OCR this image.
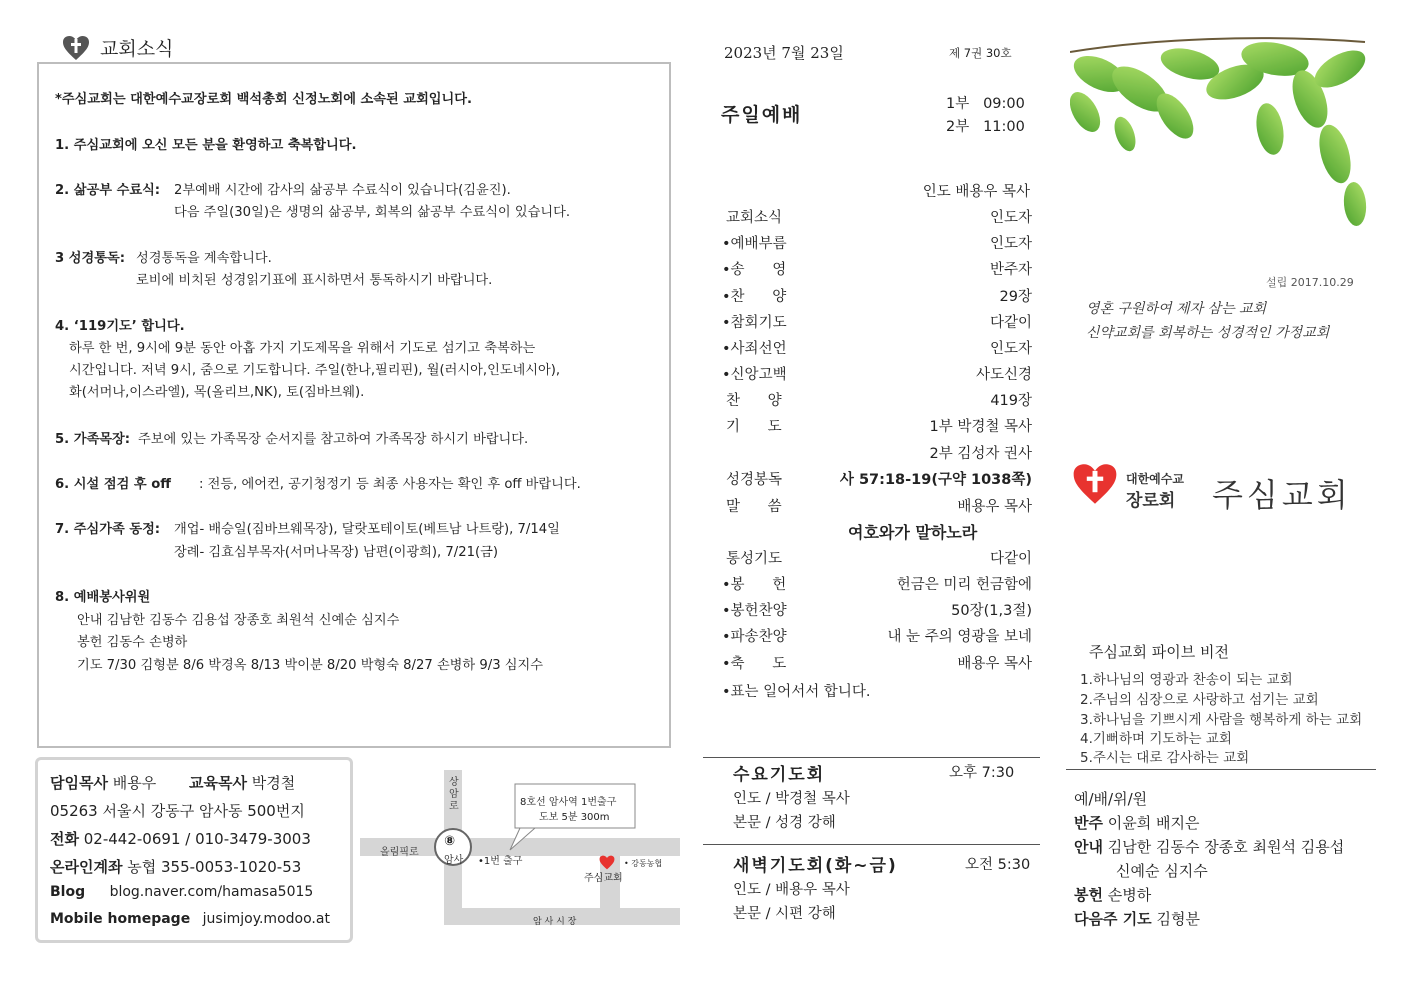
교회소식
*주심교회는 대한예수교장로회 백석총회 신정노회에 소속된 교회입니다.
1. 주심교회에 오신 모든 분을 환영하고 축복합니다.
2. 삶공부 수료식: 2부예배 시간에 감사의 삶공부 수료식이 있습니다(김윤진).
다음 주일(30일)은 생명의 삶공부, 회복의 삶공부 수료식이 있습니다.
3 성경통독: 성경통독을 계속합니다.
로비에 비치된 성경읽기표에 표시하면서 통독하시기 바랍니다.
4. ‘119기도’ 합니다.
하루 한 번, 9시에 9분 동안 아홉 가지 기도제목을 위해서 기도로 섬기고 축복하는
시간입니다. 저녁 9시, 줌으로 기도합니다. 주일(한나,필리핀), 월(러시아,인도네시아),
화(서머나,이스라엘), 목(올리브,NK), 토(짐바브웨).
5. 가족목장: 주보에 있는 가족목장 순서지를 참고하여 가족목장 하시기 바랍니다.
6. 시설 점검 후 off : 전등, 에어컨, 공기청정기 등 최종 사용자는 확인 후 off 바랍니다.
7. 주심가족 동정: 개업- 배승일(짐바브웨목장), 달랏포테이토(베트남 나트랑), 7/14일
장례- 김효심부목자(서머나목장) 남편(이광희), 7/21(금)
8. 예배봉사위원
안내 김남한 김동수 김용섭 장종호 최원석 신예순 심지수
봉헌 김동수 손병하
기도 7/30 김형분 8/6 박경옥 8/13 박이분 8/20 박형숙 8/27 손병하 9/3 심지수
담임목사 배용우 교육목사 박경철
05263 서울시 강동구 암사동 500번지
전화 02-442-0691 / 010-3479-3003
온라인계좌 농협 355-0053-1020-53
Blog blog.naver.com/hamasa5015
Mobile homepage jusimjoy.modoo.at
상암로
올림픽로
⑧
암사 •1번 출구
8호선 암사역 1번출구
도보 5분 300m
• 강동농협
주심교회
암 사 시 장
2023년 7월 23일	제 7권 30호
주일예배	1부 09:00
2부 11:00
인도 배용우 목사
교회소식	인도자
•예배부름	인도자
•송      영	반주자
•찬      양	29장
•참회기도	다같이
•사죄선언	인도자
•신앙고백	사도신경
찬      양	419장
기      도	1부 박경철 목사
2부 김성자 권사
성경봉독	사 57:18-19(구약 1038쪽)
말      씀	배용우 목사
여호와가 말하노라
통성기도	다같이
•봉      헌	헌금은 미리 헌금함에
•봉헌찬양	50장(1,3절)
•파송찬양	내 눈 주의 영광을 보네
•축      도	배용우 목사
•표는 일어서서 합니다.
수요기도회	오후 7:30
인도 / 박경철 목사
본문 / 성경 강해
새벽기도회(화~금)	오전 5:30
인도 / 배용우 목사
본문 / 시편 강해
설립 2017.10.29
영혼 구원하여 제자 삼는 교회
신약교회를 회복하는 성경적인 가정교회
대한예수교
장로회 주심교회
주심교회 파이브 비전
1.하나님의 영광과 찬송이 되는 교회
2.주님의 심장으로 사랑하고 섬기는 교회
3.하나님을 기쁘시게 사람을 행복하게 하는 교회
4.기뻐하며 기도하는 교회
5.주시는 대로 감사하는 교회
예/배/위/원
반주 이윤희 배지은
안내 김남한 김동수 장종호 최원석 김용섭
신예순 심지수
봉헌 손병하
다음주 기도 김형분
